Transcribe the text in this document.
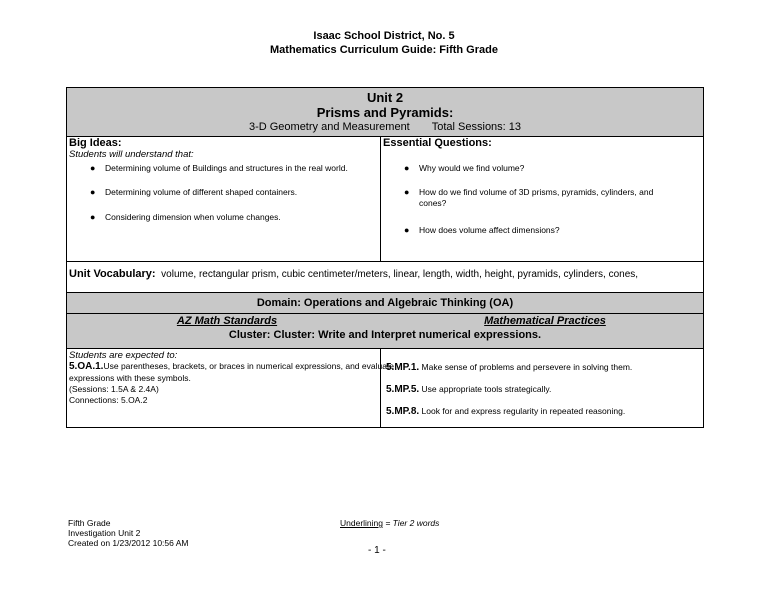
Isaac School District, No. 5
Mathematics Curriculum Guide: Fifth Grade
Unit 2
Prisms and Pyramids:
3-D Geometry and Measurement Total Sessions: 13
Big Ideas:
Students will understand that:
● Determining volume of Buildings and structures in the real world.
● Determining volume of different shaped containers.
● Considering dimension when volume changes.
Essential Questions:
● Why would we find volume?
● How do we find volume of 3D prisms, pyramids, cylinders, and
cones?
● How does volume affect dimensions?
Unit Vocabulary: volume, rectangular prism, cubic centimeter/meters, linear, length, width, height, pyramids, cylinders, cones,
Domain: Operations and Algebraic Thinking (OA)
AZ Math Standards	Mathematical Practices
Cluster: Cluster: Write and Interpret numerical expressions.
Students are expected to:
5.OA.1.Use parentheses, brackets, or braces in numerical expressions, and evaluate
expressions with these symbols.
(Sessions: 1.5A & 2.4A)
Connections: 5.OA.2
5.MP.1. Make sense of problems and persevere in solving them.
5.MP.5. Use appropriate tools strategically.
5.MP.8. Look for and express regularity in repeated reasoning.
Fifth Grade
Investigation Unit 2
Created on 1/23/2012 10:56 AM
Underlining = Tier 2 words
- 1 -
